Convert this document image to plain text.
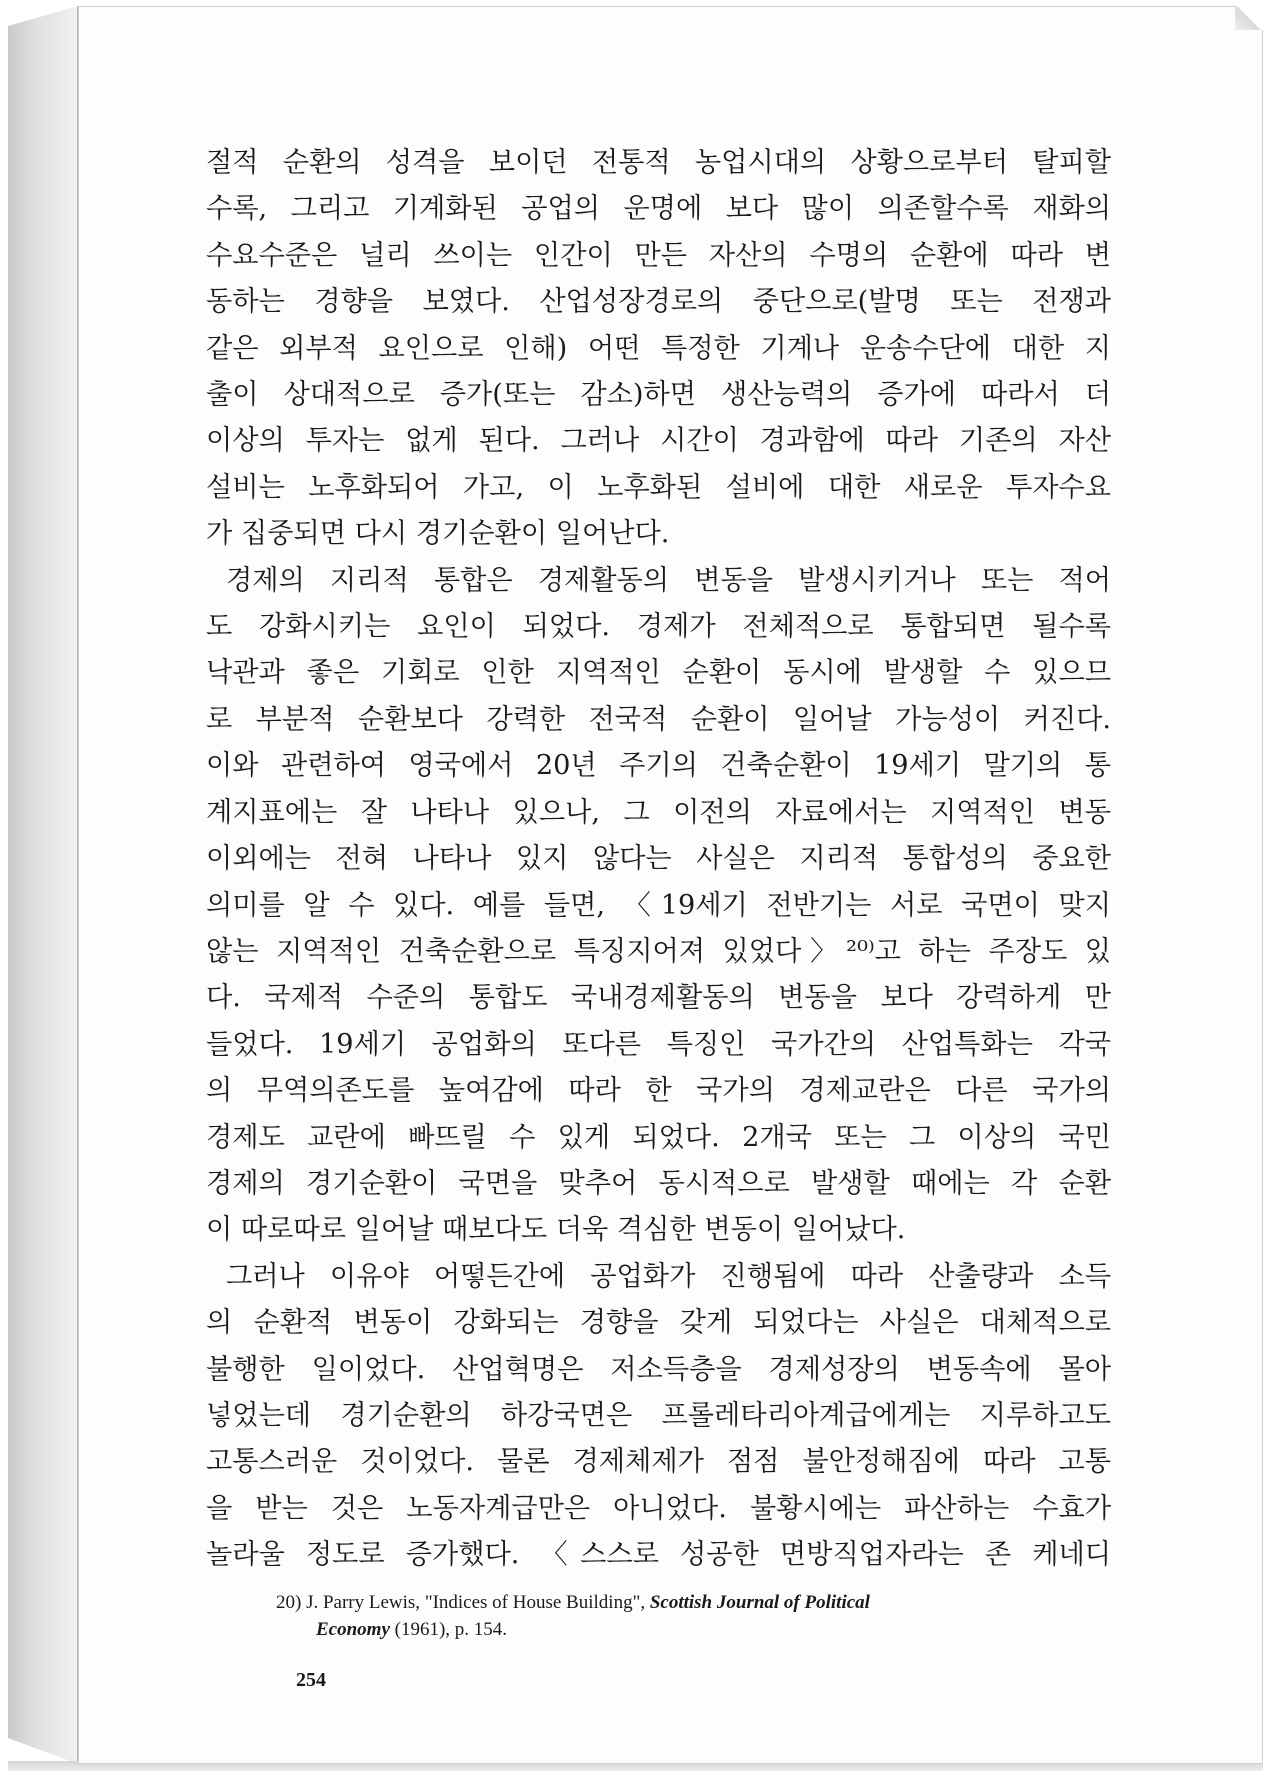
절적 순환의 성격을 보이던 전통적 농업시대의 상황으로부터 탈피할
수록, 그리고 기계화된 공업의 운명에 보다 많이 의존할수록 재화의
수요수준은 널리 쓰이는 인간이 만든 자산의 수명의 순환에 따라 변
동하는 경향을 보였다. 산업성장경로의 중단으로(발명 또는 전쟁과
같은 외부적 요인으로 인해) 어떤 특정한 기계나 운송수단에 대한 지
출이 상대적으로 증가(또는 감소)하면 생산능력의 증가에 따라서 더
이상의 투자는 없게 된다. 그러나 시간이 경과함에 따라 기존의 자산
설비는 노후화되어 가고, 이 노후화된 설비에 대한 새로운 투자수요
가 집중되면 다시 경기순환이 일어난다.

경제의 지리적 통합은 경제활동의 변동을 발생시키거나 또는 적어
도 강화시키는 요인이 되었다. 경제가 전체적으로 통합되면 될수록
낙관과 좋은 기회로 인한 지역적인 순환이 동시에 발생할 수 있으므
로 부분적 순환보다 강력한 전국적 순환이 일어날 가능성이 커진다.
이와 관련하여 영국에서 20년 주기의 건축순환이 19세기 말기의 통
계지표에는 잘 나타나 있으나, 그 이전의 자료에서는 지역적인 변동
이외에는 전혀 나타나 있지 않다는 사실은 지리적 통합성의 중요한
의미를 알 수 있다. 예를 들면, 〈19세기 전반기는 서로 국면이 맞지
않는 지역적인 건축순환으로 특징지어져 있었다〉²⁰⁾고 하는 주장도 있
다. 국제적 수준의 통합도 국내경제활동의 변동을 보다 강력하게 만
들었다. 19세기 공업화의 또다른 특징인 국가간의 산업특화는 각국
의 무역의존도를 높여감에 따라 한 국가의 경제교란은 다른 국가의
경제도 교란에 빠뜨릴 수 있게 되었다. 2개국 또는 그 이상의 국민
경제의 경기순환이 국면을 맞추어 동시적으로 발생할 때에는 각 순환
이 따로따로 일어날 때보다도 더욱 격심한 변동이 일어났다.

그러나 이유야 어떻든간에 공업화가 진행됨에 따라 산출량과 소득
의 순환적 변동이 강화되는 경향을 갖게 되었다는 사실은 대체적으로
불행한 일이었다. 산업혁명은 저소득층을 경제성장의 변동속에 몰아
넣었는데 경기순환의 하강국면은 프롤레타리아계급에게는 지루하고도
고통스러운 것이었다. 물론 경제체제가 점점 불안정해짐에 따라 고통
을 받는 것은 노동자계급만은 아니었다. 불황시에는 파산하는 수효가
놀라울 정도로 증가했다. 〈스스로 성공한 면방직업자라는 존 케네디

20) J. Parry Lewis, "Indices of House Building", Scottish Journal of Political
Economy (1961), p. 154.
254
